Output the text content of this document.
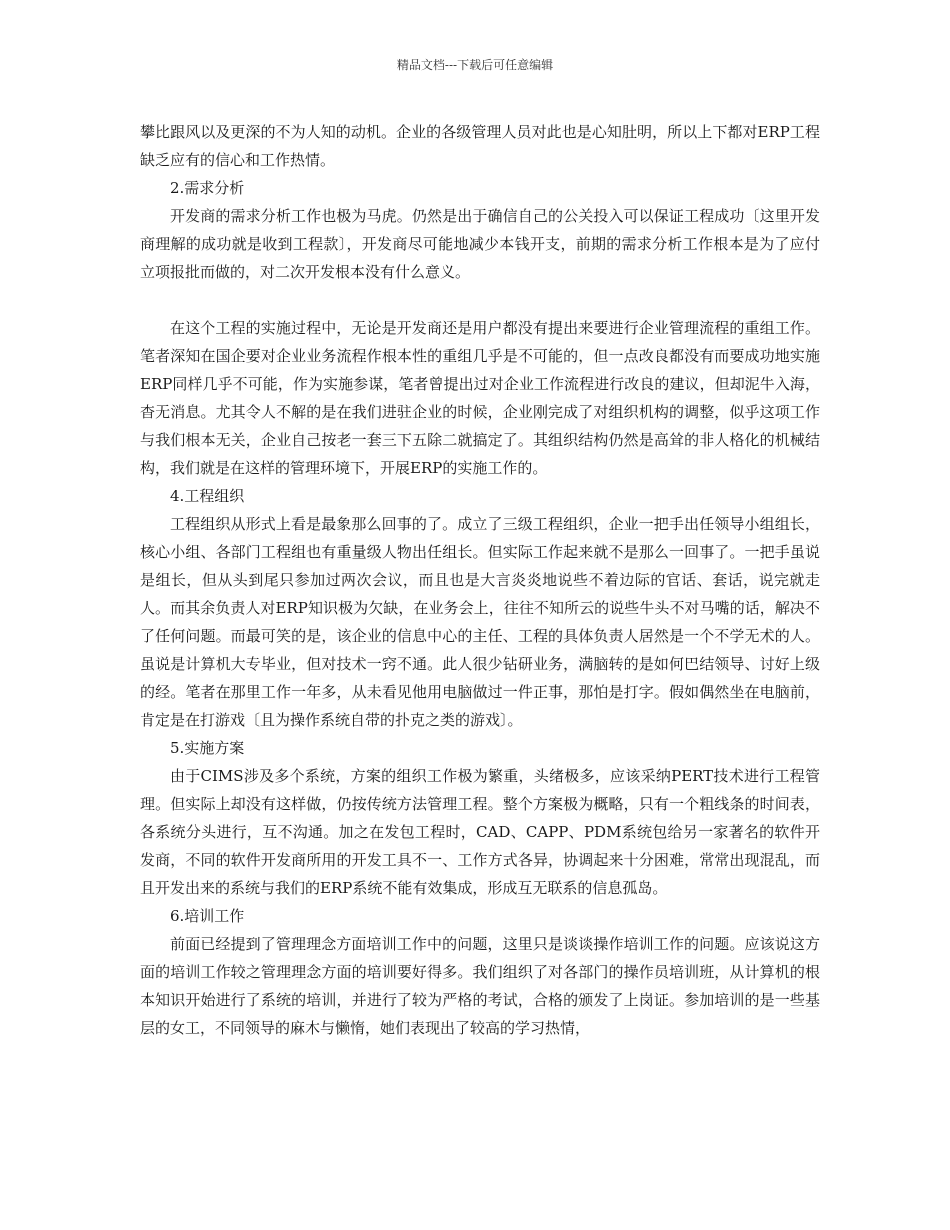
精品文档---下载后可任意编辑

攀比跟风以及更深的不为人知的动机。企业的各级管理人员对此也是心知肚明，所以上下都对ERP工程缺乏应有的信心和工作热情。

2.需求分析

开发商的需求分析工作也极为马虎。仍然是出于确信自己的公关投入可以保证工程成功〔这里开发商理解的成功就是收到工程款〕，开发商尽可能地减少本钱开支，前期的需求分析工作根本是为了应付立项报批而做的，对二次开发根本没有什么意义。

在这个工程的实施过程中，无论是开发商还是用户都没有提出来要进行企业管理流程的重组工作。笔者深知在国企要对企业业务流程作根本性的重组几乎是不可能的，但一点改良都没有而要成功地实施ERP同样几乎不可能，作为实施参谋，笔者曾提出过对企业工作流程进行改良的建议，但却泥牛入海，杳无消息。尤其令人不解的是在我们进驻企业的时候，企业刚完成了对组织机构的调整，似乎这项工作与我们根本无关，企业自己按老一套三下五除二就搞定了。其组织结构仍然是高耸的非人格化的机械结构，我们就是在这样的管理环境下，开展ERP的实施工作的。

4.工程组织

工程组织从形式上看是最象那么回事的了。成立了三级工程组织，企业一把手出任领导小组组长，核心小组、各部门工程组也有重量级人物出任组长。但实际工作起来就不是那么一回事了。一把手虽说是组长，但从头到尾只参加过两次会议，而且也是大言炎炎地说些不着边际的官话、套话，说完就走人。而其余负责人对ERP知识极为欠缺，在业务会上，往往不知所云的说些牛头不对马嘴的话，解决不了任何问题。而最可笑的是，该企业的信息中心的主任、工程的具体负责人居然是一个不学无术的人。虽说是计算机大专毕业，但对技术一窍不通。此人很少钻研业务，满脑转的是如何巴结领导、讨好上级的经。笔者在那里工作一年多，从未看见他用电脑做过一件正事，那怕是打字。假如偶然坐在电脑前，肯定是在打游戏〔且为操作系统自带的扑克之类的游戏〕。

5.实施方案

由于CIMS涉及多个系统，方案的组织工作极为繁重，头绪极多，应该采纳PERT技术进行工程管理。但实际上却没有这样做，仍按传统方法管理工程。整个方案极为概略，只有一个粗线条的时间表，各系统分头进行，互不沟通。加之在发包工程时，CAD、CAPP、PDM系统包给另一家著名的软件开发商，不同的软件开发商所用的开发工具不一、工作方式各异，协调起来十分困难，常常出现混乱，而且开发出来的系统与我们的ERP系统不能有效集成，形成互无联系的信息孤岛。

6.培训工作

前面已经提到了管理理念方面培训工作中的问题，这里只是谈谈操作培训工作的问题。应该说这方面的培训工作较之管理理念方面的培训要好得多。我们组织了对各部门的操作员培训班，从计算机的根本知识开始进行了系统的培训，并进行了较为严格的考试，合格的颁发了上岗证。参加培训的是一些基层的女工，不同领导的麻木与懒惰，她们表现出了较高的学习热情，
